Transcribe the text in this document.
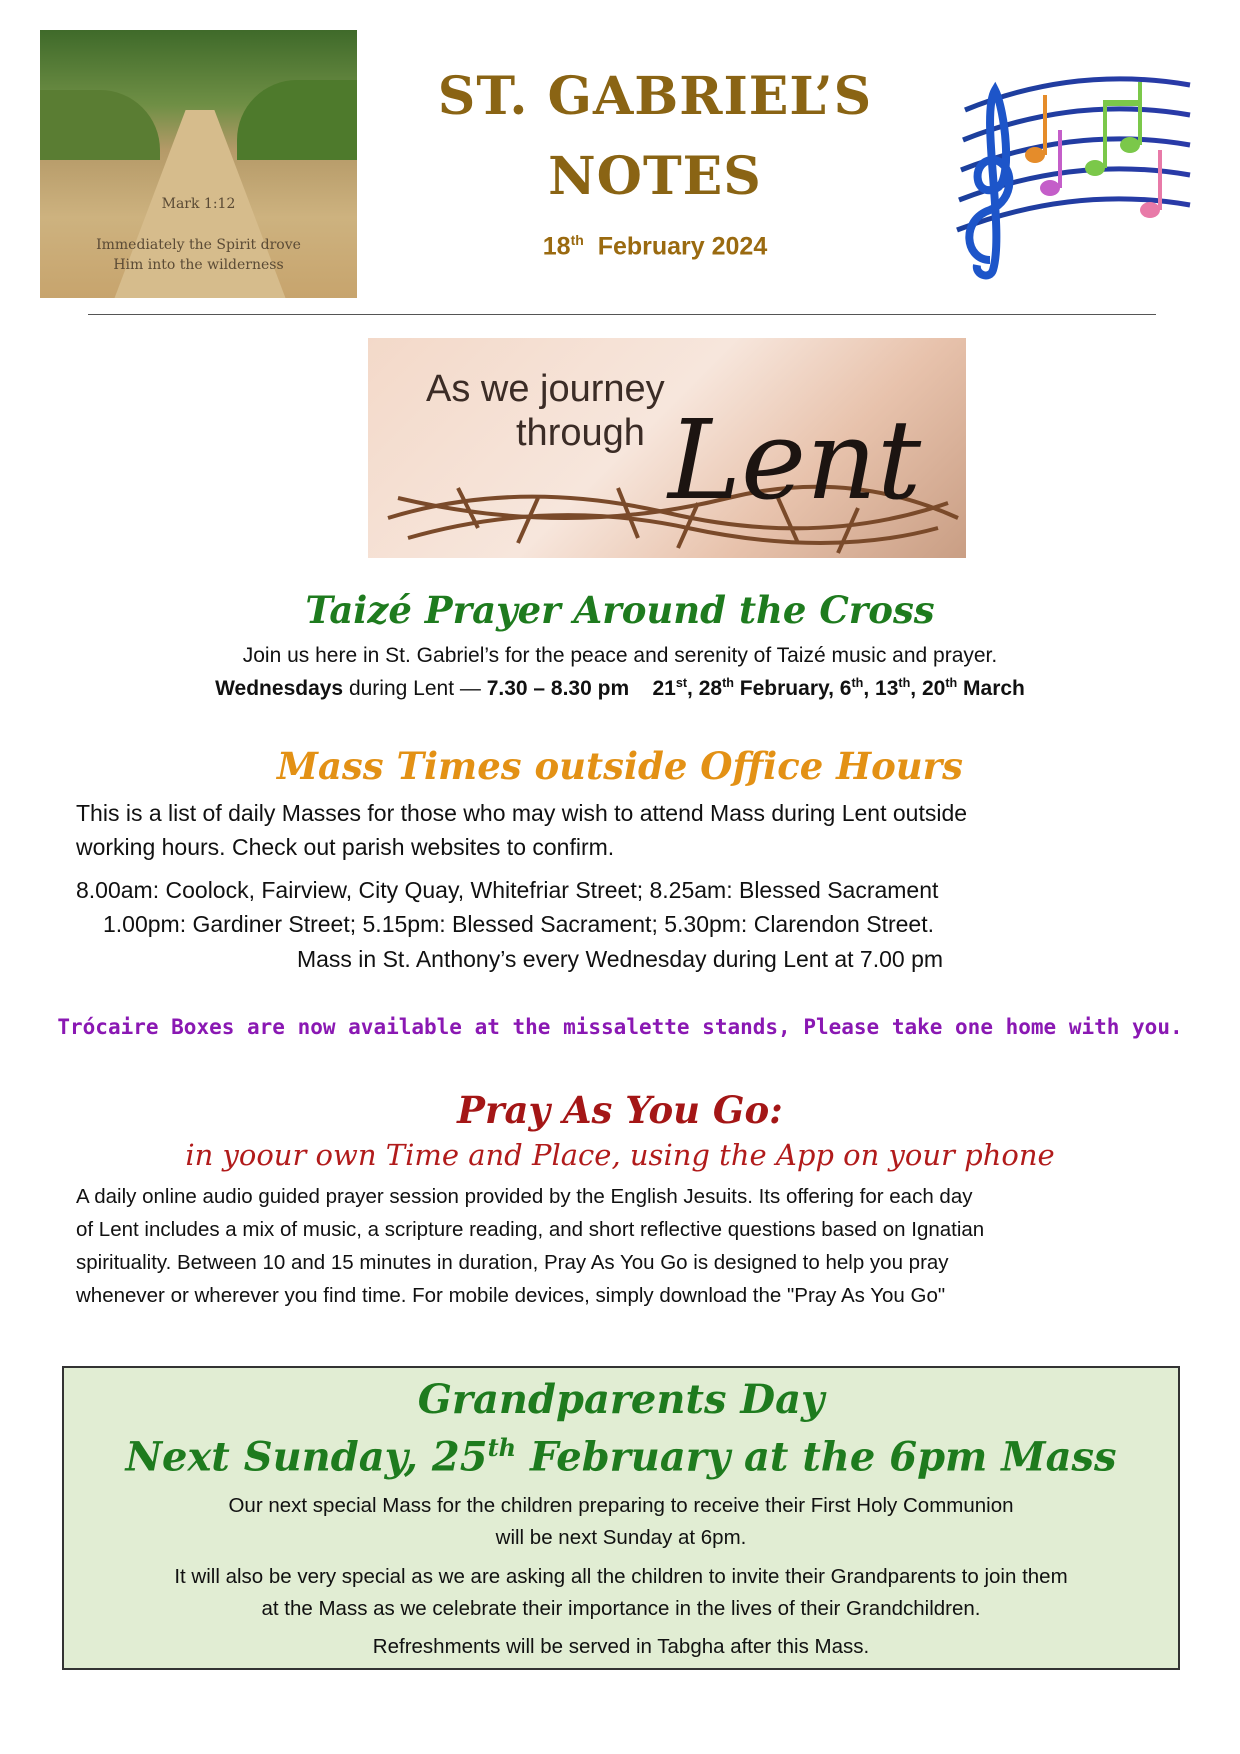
Mark 1:12
Immediately the Spirit drove
Him into the wilderness
ST. GABRIEL’S
NOTES
18th February 2024
As we journey
through Lent
Taizé Prayer Around the Cross
Join us here in St. Gabriel’s for the peace and serenity of Taizé music and prayer.
Wednesdays during Lent — 7.30 – 8.30 pm 21st, 28th February, 6th, 13th, 20th March
Mass Times outside Office Hours
This is a list of daily Masses for those who may wish to attend Mass during Lent outside
working hours. Check out parish websites to confirm.
8.00am: Coolock, Fairview, City Quay, Whitefriar Street; 8.25am: Blessed Sacrament
1.00pm: Gardiner Street; 5.15pm: Blessed Sacrament; 5.30pm: Clarendon Street.
Mass in St. Anthony’s every Wednesday during Lent at 7.00 pm
Trócaire Boxes are now available at the missalette stands, Please take one home with you.
Pray As You Go:
in yoour own Time and Place, using the App on your phone
A daily online audio guided prayer session provided by the English Jesuits. Its offering for each day
of Lent includes a mix of music, a scripture reading, and short reflective questions based on Ignatian
spirituality. Between 10 and 15 minutes in duration, Pray As You Go is designed to help you pray
whenever or wherever you find time. For mobile devices, simply download the "Pray As You Go"
Grandparents Day
Next Sunday, 25th February at the 6pm Mass
Our next special Mass for the children preparing to receive their First Holy Communion
will be next Sunday at 6pm.
It will also be very special as we are asking all the children to invite their Grandparents to join them
at the Mass as we celebrate their importance in the lives of their Grandchildren.
Refreshments will be served in Tabgha after this Mass.
